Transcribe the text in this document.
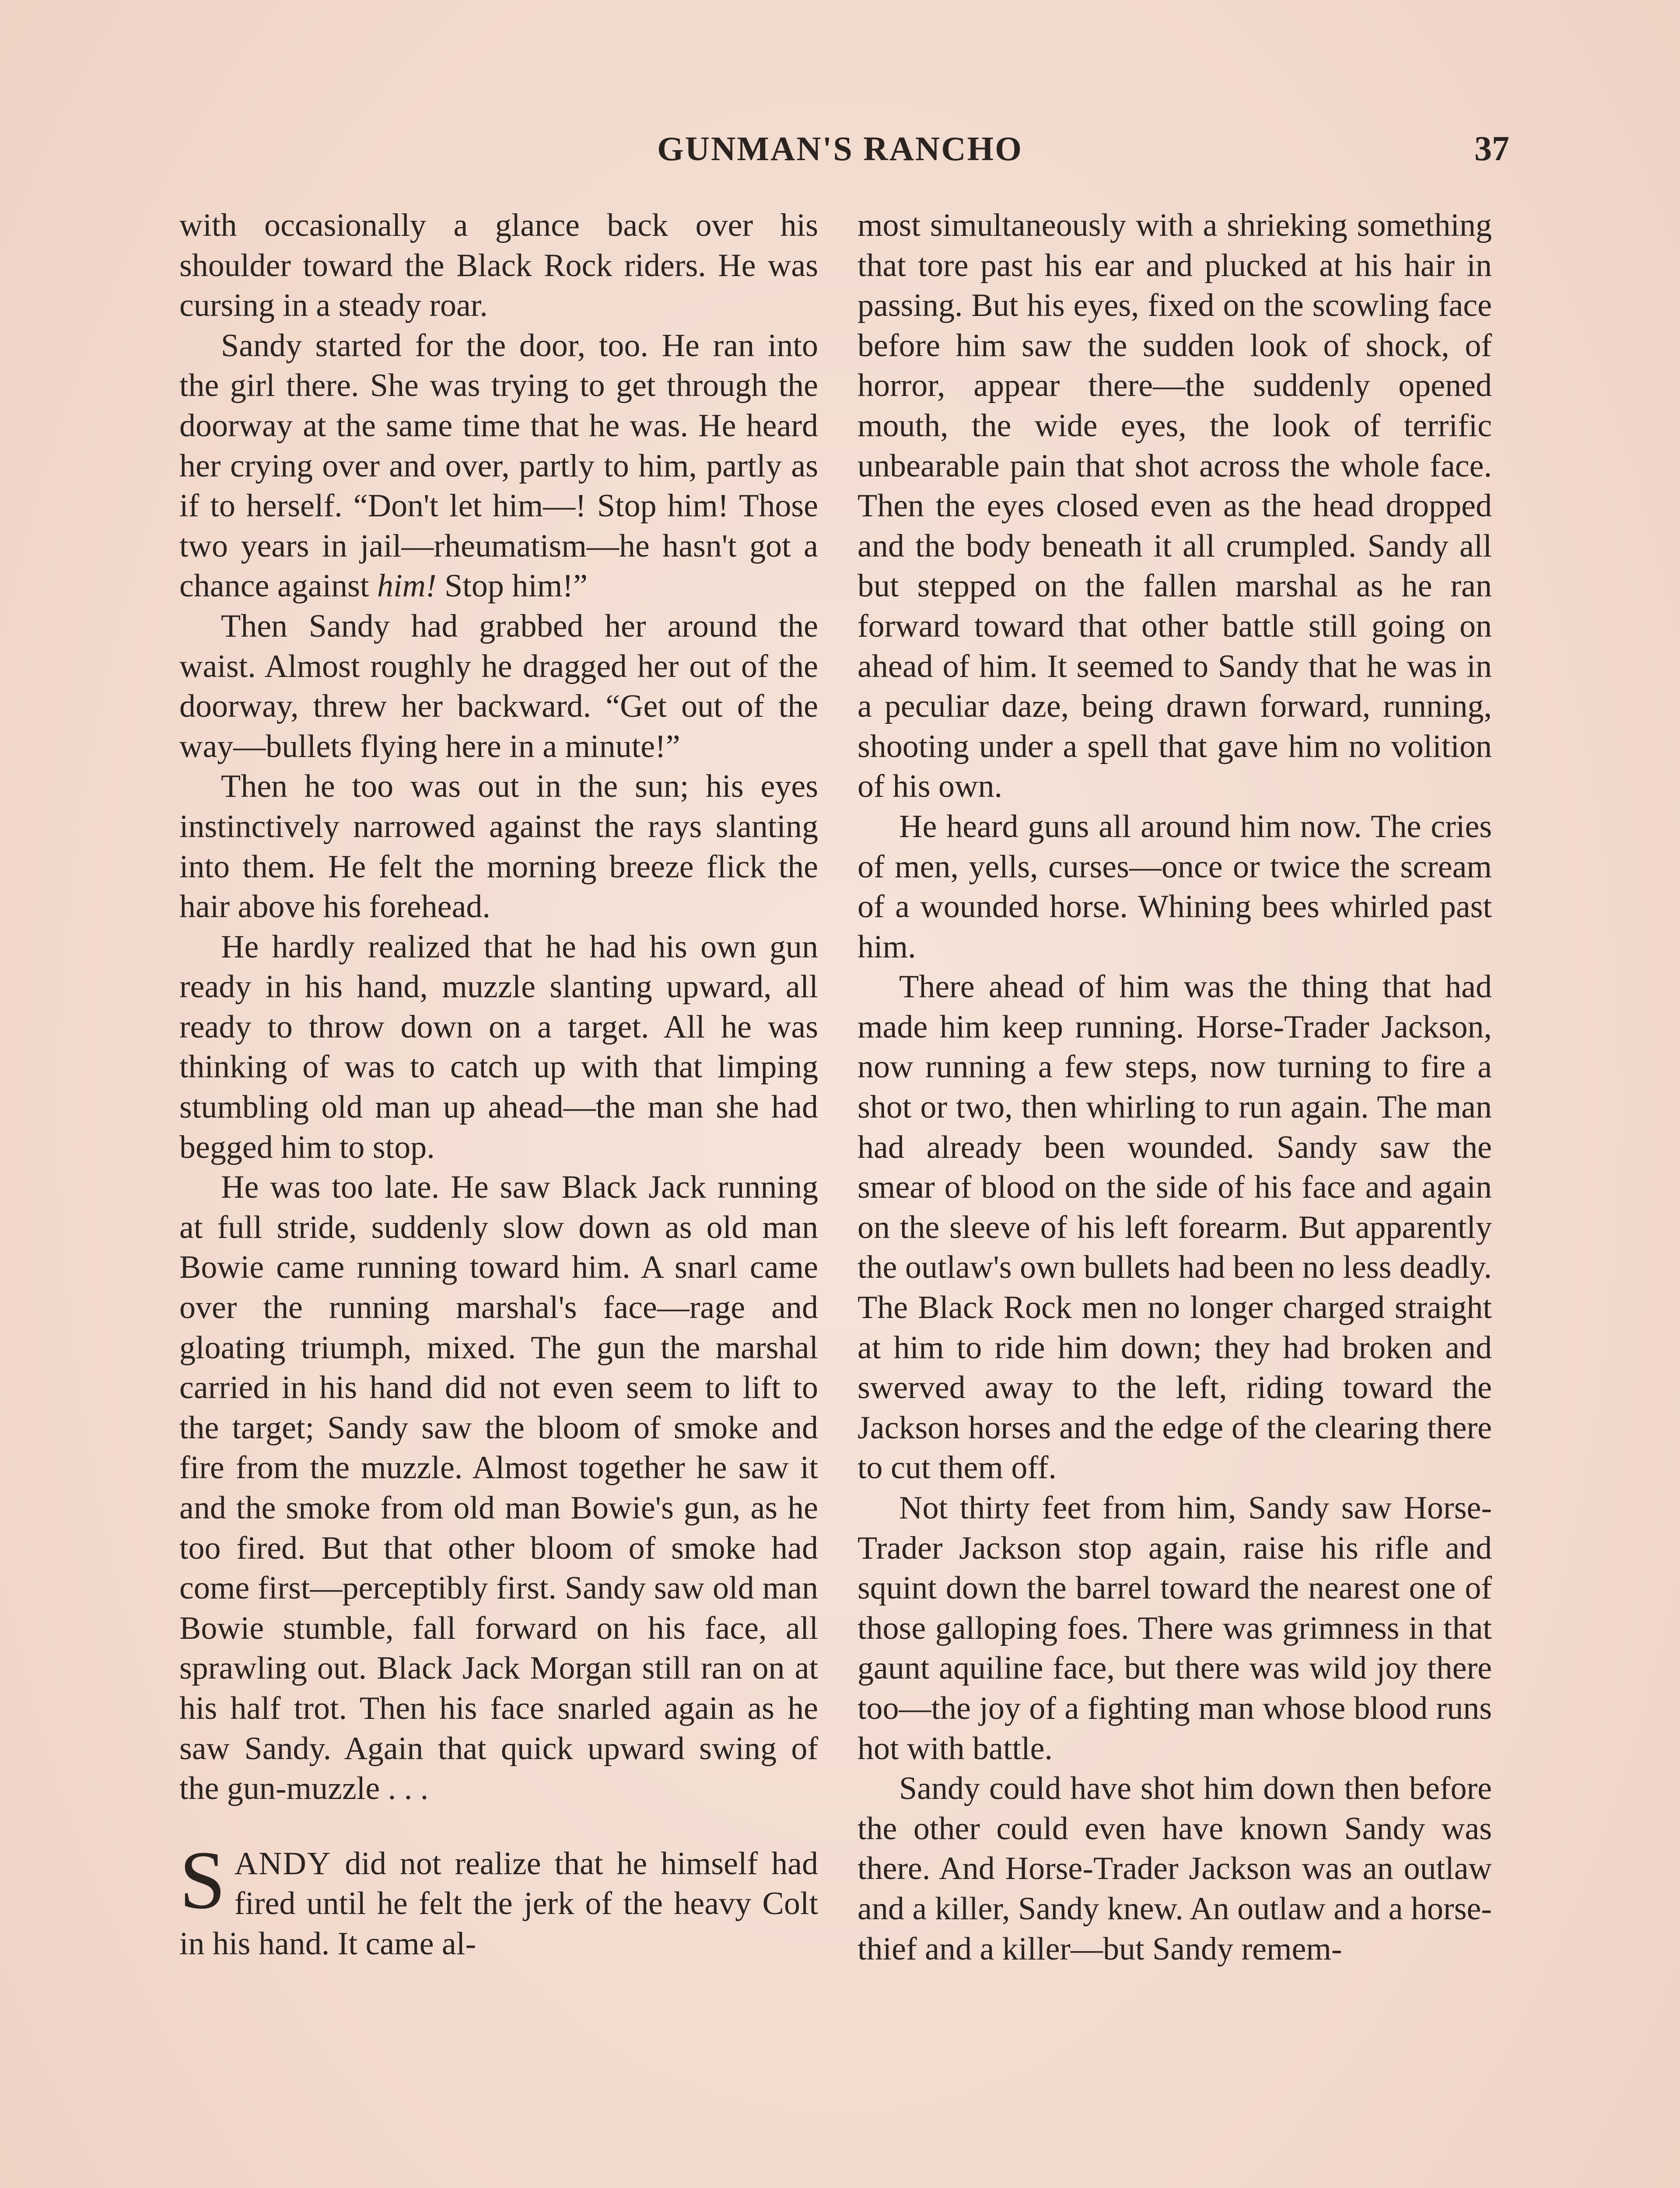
GUNMAN'S RANCHO	37

with occasionally a glance back over his shoulder toward the Black Rock riders. He was cursing in a steady roar.

Sandy started for the door, too. He ran into the girl there. She was trying to get through the doorway at the same time that he was. He heard her crying over and over, partly to him, partly as if to herself. “Don't let him—! Stop him! Those two years in jail—rheumatism—he hasn't got a chance against him! Stop him!”

Then Sandy had grabbed her around the waist. Almost roughly he dragged her out of the doorway, threw her backward. “Get out of the way—bullets flying here in a minute!”

Then he too was out in the sun; his eyes instinctively narrowed against the rays slanting into them. He felt the morning breeze flick the hair above his forehead.

He hardly realized that he had his own gun ready in his hand, muzzle slanting upward, all ready to throw down on a target. All he was thinking of was to catch up with that limping stumbling old man up ahead—the man she had begged him to stop.

He was too late. He saw Black Jack running at full stride, suddenly slow down as old man Bowie came running toward him. A snarl came over the running marshal's face—rage and gloating triumph, mixed. The gun the marshal carried in his hand did not even seem to lift to the target; Sandy saw the bloom of smoke and fire from the muzzle. Almost together he saw it and the smoke from old man Bowie's gun, as he too fired. But that other bloom of smoke had come first—perceptibly first. Sandy saw old man Bowie stumble, fall forward on his face, all sprawling out. Black Jack Morgan still ran on at his half trot. Then his face snarled again as he saw Sandy. Again that quick upward swing of the gun-muzzle . . .

SANDY did not realize that he himself had fired until he felt the jerk of the heavy Colt in his hand. It came al-

most simultaneously with a shrieking something that tore past his ear and plucked at his hair in passing. But his eyes, fixed on the scowling face before him saw the sudden look of shock, of horror, appear there—the suddenly opened mouth, the wide eyes, the look of terrific unbearable pain that shot across the whole face. Then the eyes closed even as the head dropped and the body beneath it all crumpled. Sandy all but stepped on the fallen marshal as he ran forward toward that other battle still going on ahead of him. It seemed to Sandy that he was in a peculiar daze, being drawn forward, running, shooting under a spell that gave him no volition of his own.

He heard guns all around him now. The cries of men, yells, curses—once or twice the scream of a wounded horse. Whining bees whirled past him.

There ahead of him was the thing that had made him keep running. Horse-Trader Jackson, now running a few steps, now turning to fire a shot or two, then whirling to run again. The man had already been wounded. Sandy saw the smear of blood on the side of his face and again on the sleeve of his left forearm. But apparently the outlaw's own bullets had been no less deadly. The Black Rock men no longer charged straight at him to ride him down; they had broken and swerved away to the left, riding toward the Jackson horses and the edge of the clearing there to cut them off.

Not thirty feet from him, Sandy saw Horse-Trader Jackson stop again, raise his rifle and squint down the barrel toward the nearest one of those galloping foes. There was grimness in that gaunt aquiline face, but there was wild joy there too—the joy of a fighting man whose blood runs hot with battle.

Sandy could have shot him down then before the other could even have known Sandy was there. And Horse-Trader Jackson was an outlaw and a killer, Sandy knew. An outlaw and a horse-thief and a killer—but Sandy remem-
